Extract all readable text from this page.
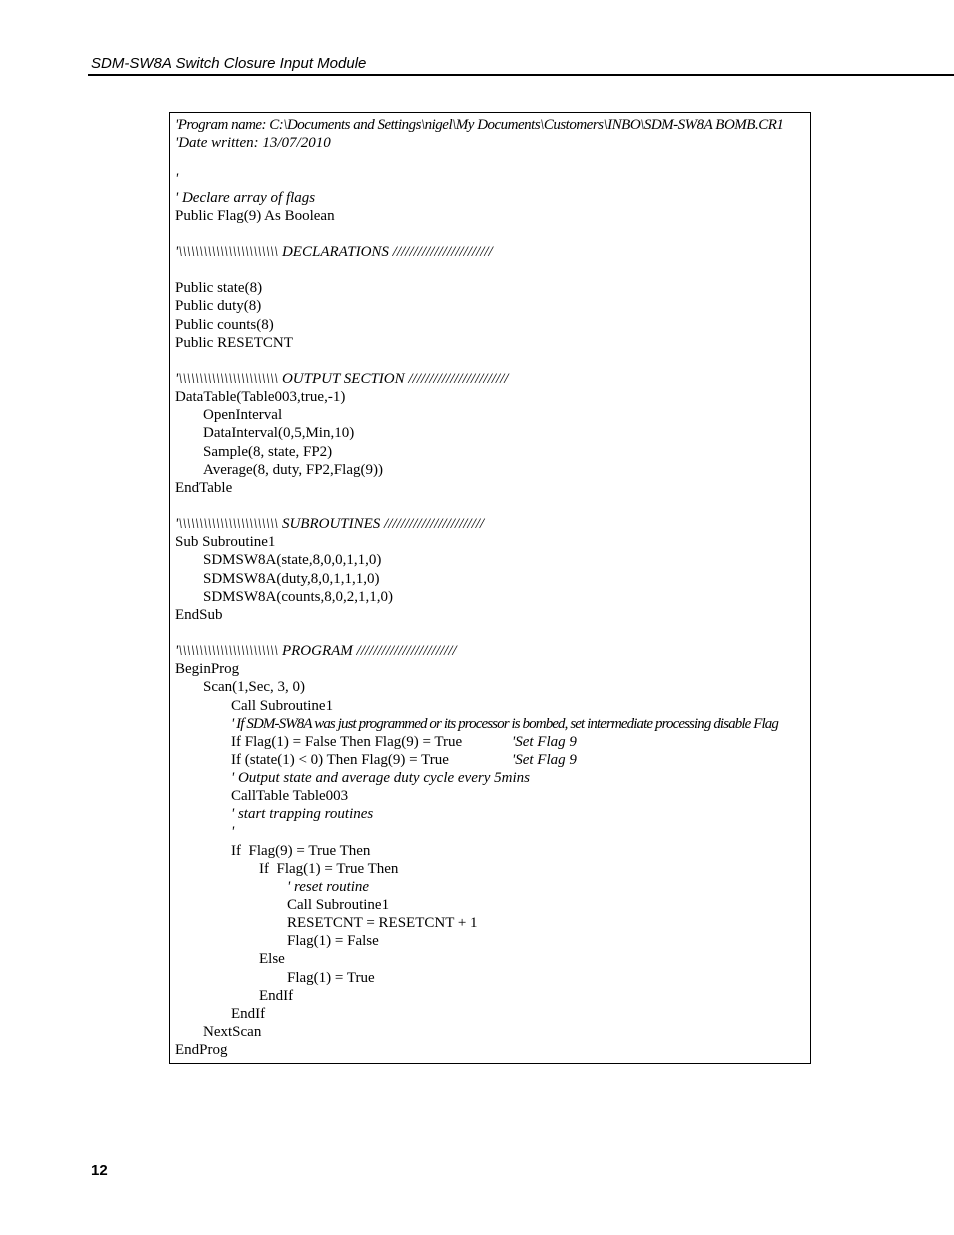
SDM-SW8A Switch Closure Input Module
'Program name: C:\Documents and Settings\nigel\My Documents\Customers\INBO\SDM-SW8A BOMB.CR1
'Date written: 13/07/2010
'
' Declare array of flags
Public Flag(9) As Boolean
'\\\\\\\\\\\\\\\\\\\\\\\\ DECLARATIONS ////////////////////////
Public state(8)
Public duty(8)
Public counts(8)
Public RESETCNT
'\\\\\\\\\\\\\\\\\\\\\\\\ OUTPUT SECTION ////////////////////////
DataTable(Table003,true,-1)
OpenInterval
DataInterval(0,5,Min,10)
Sample(8, state, FP2)
Average(8, duty, FP2,Flag(9))
EndTable
'\\\\\\\\\\\\\\\\\\\\\\\\ SUBROUTINES ////////////////////////
Sub Subroutine1
SDMSW8A(state,8,0,0,1,1,0)
SDMSW8A(duty,8,0,1,1,1,0)
SDMSW8A(counts,8,0,2,1,1,0)
EndSub
'\\\\\\\\\\\\\\\\\\\\\\\\ PROGRAM ////////////////////////
BeginProg
Scan(1,Sec, 3, 0)
Call Subroutine1
' If SDM-SW8A was just programmed or its processor is bombed, set intermediate processing disable Flag
If Flag(1) = False Then Flag(9) = True	'Set Flag 9
If (state(1) < 0) Then Flag(9) = True	'Set Flag 9
' Output state and average duty cycle every 5mins
CallTable Table003
' start trapping routines
'
If  Flag(9) = True Then
If  Flag(1) = True Then
' reset routine
Call Subroutine1
RESETCNT = RESETCNT + 1
Flag(1) = False
Else
Flag(1) = True
EndIf
EndIf
NextScan
EndProg
12
